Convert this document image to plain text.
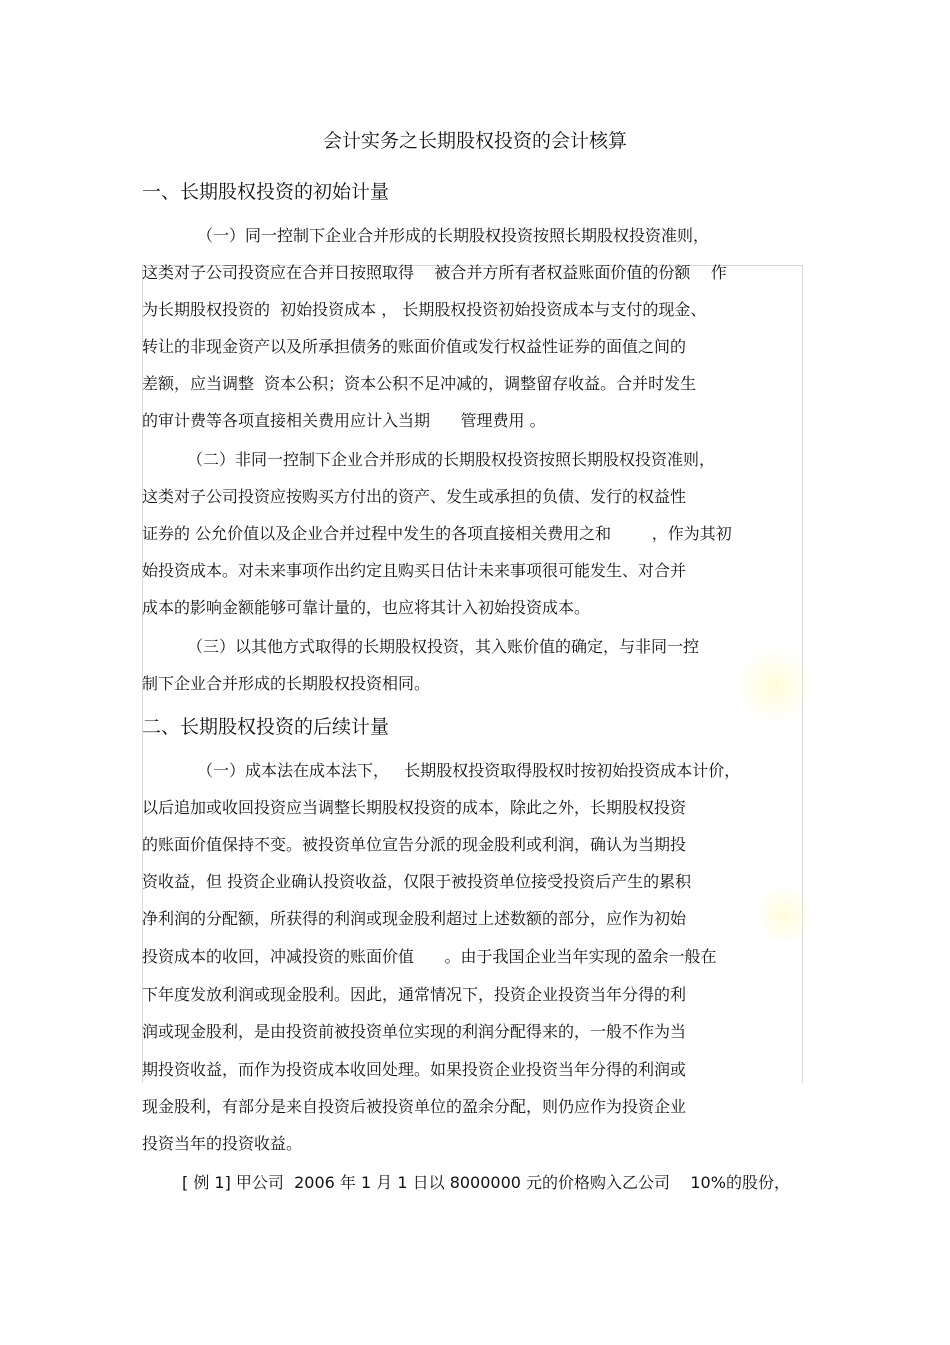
会计实务之长期股权投资的会计核算
一、长期股权投资的初始计量
（一）同一控制下企业合并形成的长期股权投资按照长期股权投资准则，
这类对子公司投资应在合并日按照取得    被合并方所有者权益账面价值的份额    作
为长期股权投资的  初始投资成本 ， 长期股权投资初始投资成本与支付的现金、
转让的非现金资产以及所承担债务的账面价值或发行权益性证券的面值之间的
差额，应当调整  资本公积；资本公积不足冲减的，调整留存收益。合并时发生
的审计费等各项直接相关费用应计入当期      管理费用 。
（二）非同一控制下企业合并形成的长期股权投资按照长期股权投资准则，
这类对子公司投资应按购买方付出的资产、发生或承担的负债、发行的权益性
证券的 公允价值以及企业合并过程中发生的各项直接相关费用之和        ，作为其初
始投资成本。对未来事项作出约定且购买日估计未来事项很可能发生、对合并
成本的影响金额能够可靠计量的，也应将其计入初始投资成本。
（三）以其他方式取得的长期股权投资，其入账价值的确定，与非同一控
制下企业合并形成的长期股权投资相同。
二、长期股权投资的后续计量
（一）成本法在成本法下，   长期股权投资取得股权时按初始投资成本计价，
以后追加或收回投资应当调整长期股权投资的成本，除此之外，长期股权投资
的账面价值保持不变。被投资单位宣告分派的现金股利或利润，确认为当期投
资收益，但 投资企业确认投资收益，仅限于被投资单位接受投资后产生的累积
净利润的分配额，所获得的利润或现金股利超过上述数额的部分，应作为初始
投资成本的收回，冲减投资的账面价值      。由于我国企业当年实现的盈余一般在
下年度发放利润或现金股利。因此，通常情况下，投资企业投资当年分得的利
润或现金股利，是由投资前被投资单位实现的利润分配得来的，一般不作为当
期投资收益，而作为投资成本收回处理。如果投资企业投资当年分得的利润或
现金股利，有部分是来自投资后被投资单位的盈余分配，则仍应作为投资企业
投资当年的投资收益。
[ 例 1] 甲公司  2006 年 1 月 1 日以 8000000 元的价格购入乙公司    10%的股份，
